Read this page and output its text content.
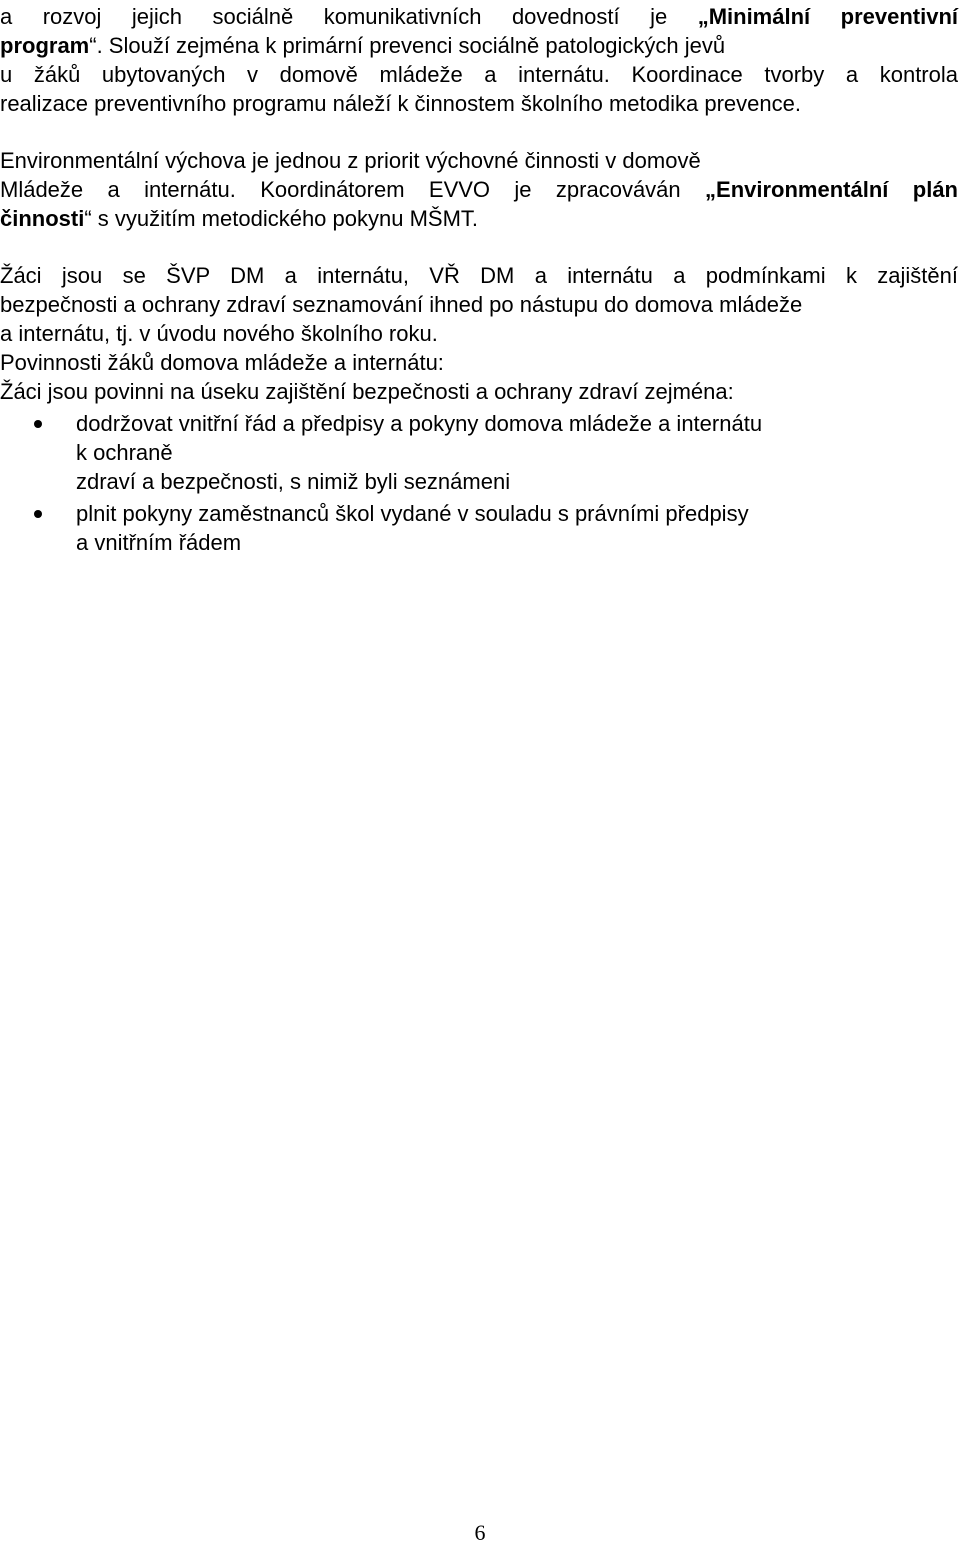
a rozvoj jejich sociálně komunikativních dovedností je „Minimální preventivní
program“. Slouží zejména k primární prevenci sociálně patologických jevů
u žáků ubytovaných v domově mládeže a internátu. Koordinace tvorby a kontrola
realizace preventivního programu náleží k činnostem školního metodika prevence.

Environmentální výchova je jednou z priorit výchovné činnosti v domově
Mládeže a internátu. Koordinátorem EVVO je zpracováván „Environmentální plán
činnosti“ s využitím metodického pokynu MŠMT.

Žáci jsou se ŠVP DM a internátu, VŘ DM a internátu a podmínkami k zajištění
bezpečnosti a ochrany zdraví seznamování ihned po nástupu do domova mládeže
a internátu, tj. v úvodu nového školního roku.

Povinnosti žáků domova mládeže a internátu:

Žáci jsou povinni na úseku zajištění bezpečnosti a ochrany zdraví zejména:

dodržovat vnitřní řád a předpisy a pokyny domova mládeže a internátu
k ochraně
zdraví a bezpečnosti, s nimiž byli seznámeni
plnit pokyny zaměstnanců škol vydané v souladu s právními předpisy
a vnitřním řádem
6
